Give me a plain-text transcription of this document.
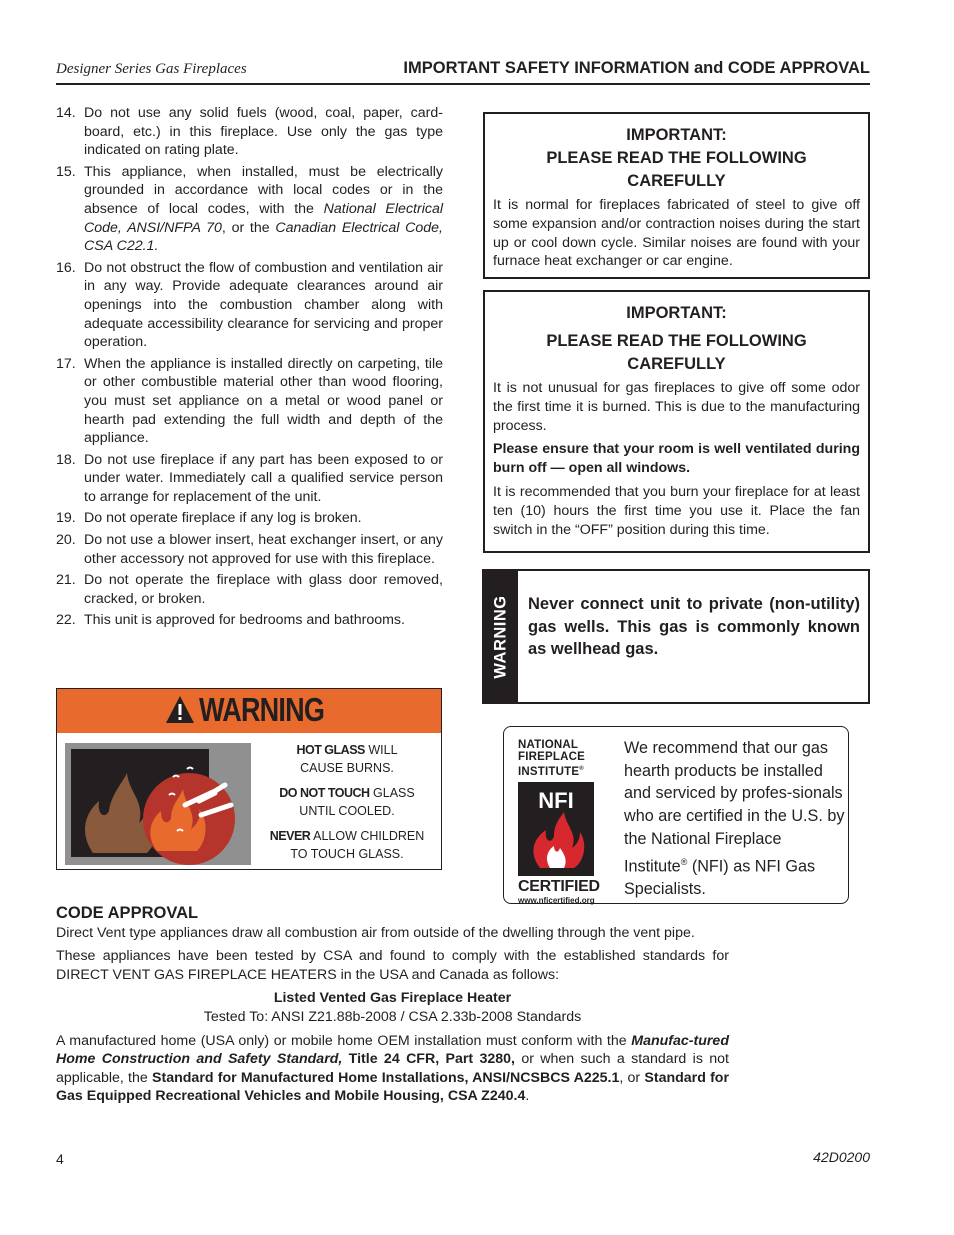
Designer Series Gas Fireplaces	IMPORTANT SAFETY INFORMATION and CODE APPROVAL
14. Do not use any solid fuels (wood, coal, paper, card-board, etc.) in this fireplace. Use only the gas type indicated on rating plate.
15. This appliance, when installed, must be electrically grounded in accordance with local codes or in the absence of local codes, with the National Electrical Code, ANSI/NFPA 70, or the Canadian Electrical Code, CSA C22.1.
16. Do not obstruct the flow of combustion and ventilation air in any way. Provide adequate clearances around air openings into the combustion chamber along with adequate accessibility clearance for servicing and proper operation.
17. When the appliance is installed directly on carpeting, tile or other combustible material other than wood flooring, you must set appliance on a metal or wood panel or hearth pad extending the full width and depth of the appliance.
18. Do not use fireplace if any part has been exposed to or under water. Immediately call a qualified service person to arrange for replacement of the unit.
19. Do not operate fireplace if any log is broken.
20. Do not use a blower insert, heat exchanger insert, or any other accessory not approved for use with this fireplace.
21. Do not operate the fireplace with glass door removed, cracked, or broken.
22. This unit is approved for bedrooms and bathrooms.
WARNING
HOT GLASS WILL
CAUSE BURNS.
DO NOT TOUCH GLASS
UNTIL COOLED.
NEVER ALLOW CHILDREN
TO TOUCH GLASS.
IMPORTANT:
PLEASE READ THE FOLLOWING CAREFULLY

It is normal for fireplaces fabricated of steel to give off some expansion and/or contraction noises during the start up or cool down cycle. Similar noises are found with your furnace heat exchanger or car engine.

IMPORTANT:
PLEASE READ THE FOLLOWING CAREFULLY

It is not unusual for gas fireplaces to give off some odor the first time it is burned. This is due to the manufacturing process.

Please ensure that your room is well ventilated during burn off — open all windows.

It is recommended that you burn your fireplace for at least ten (10) hours the first time you use it. Place the fan switch in the “OFF” position during this time.

WARNING Never connect unit to private (non-utility) gas wells. This gas is commonly known as wellhead gas.
NATIONAL
FIREPLACE
INSTITUTE®
NFI
CERTIFIED
www.nficertified.org
We recommend that our gas hearth products be installed and serviced by profes-sionals who are certified in the U.S. by the National Fireplace Institute® (NFI) as NFI Gas Specialists.
CODE APPROVAL

Direct Vent type appliances draw all combustion air from outside of the dwelling through the vent pipe.

These appliances have been tested by CSA and found to comply with the established standards for DIRECT VENT GAS FIREPLACE HEATERS in the USA and Canada as follows:

Listed Vented Gas Fireplace Heater
Tested To: ANSI Z21.88b-2008 / CSA 2.33b-2008 Standards

A manufactured home (USA only) or mobile home OEM installation must conform with the Manufac-tured Home Construction and Safety Standard, Title 24 CFR, Part 3280, or when such a standard is not applicable, the Standard for Manufactured Home Installations, ANSI/NCSBCS A225.1, or Standard for Gas Equipped Recreational Vehicles and Mobile Housing, CSA Z240.4.

4	42D0200
